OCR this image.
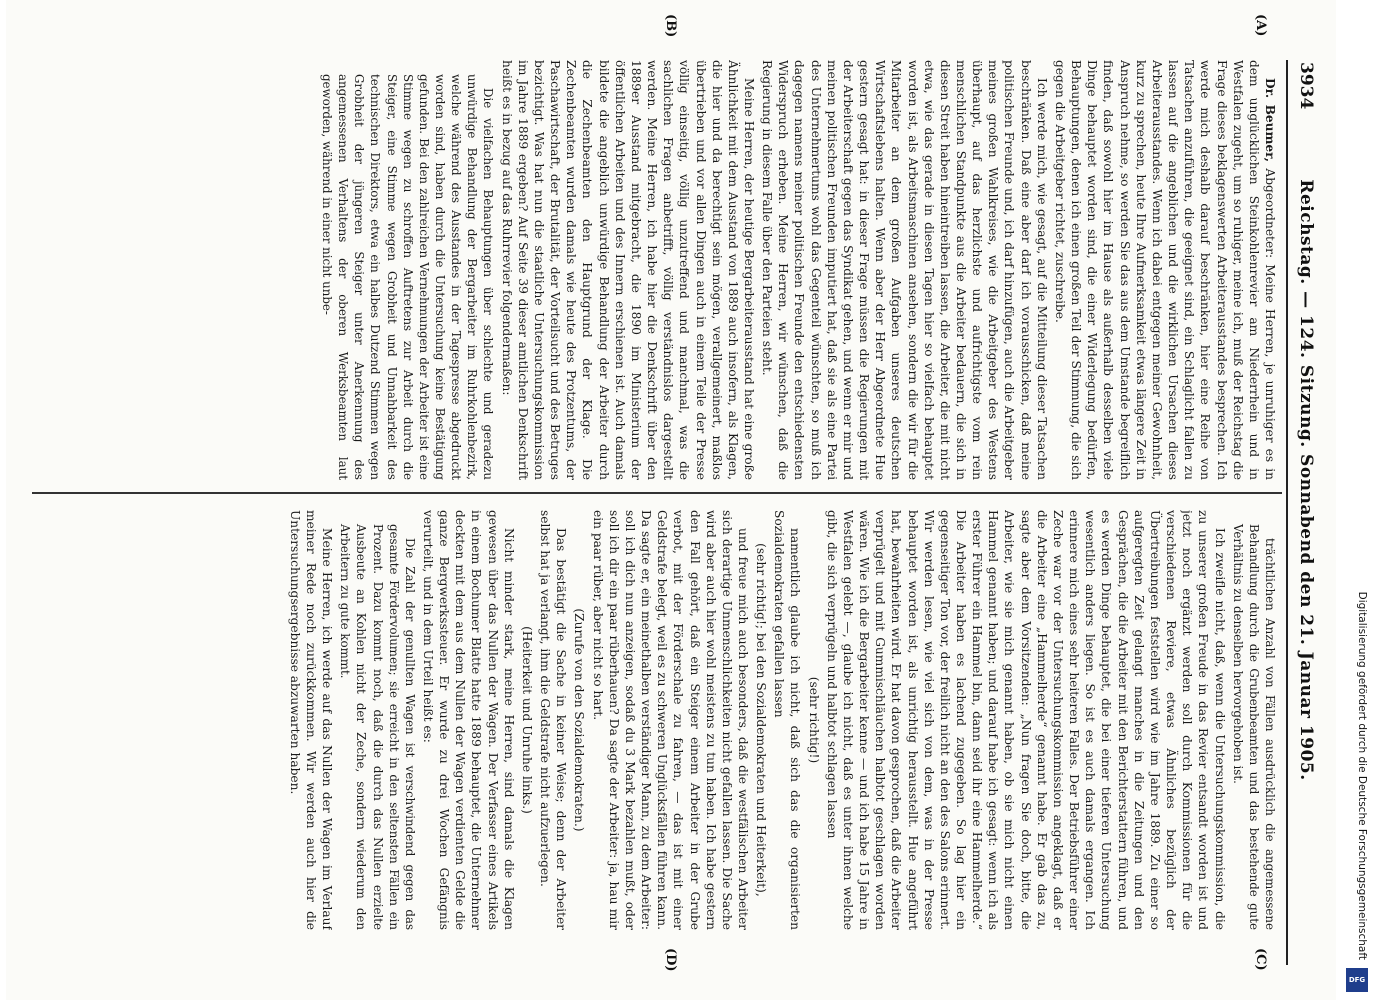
3934
Reichstag. — 124. Sitzung. Sonnabend den 21. Januar 1905.
(A)
(B)
(C)
(D)

Dr. Beumer, Abgeordneter: Meine Herren, je unruhiger es in dem unglücklichen Steinkohlenrevier am Niederrhein und in Westfalen zugeht, um so ruhiger, meine ich, muß der Reichstag die Frage dieses beklagenswerten Arbeiterausstandes besprechen. Ich werde mich deshalb darauf beschränken, hier eine Reihe von Tatsachen anzuführen, die geeignet sind, ein Schlaglicht fallen zu lassen auf die angeblichen und die wirklichen Ursachen dieses Arbeiterausstandes. Wenn ich dabei entgegen meiner Gewohnheit, kurz zu sprechen, heute Ihre Aufmerksamkeit etwas längere Zeit in Anspruch nehme, so werden Sie das aus dem Umstande begreiflich finden, daß sowohl hier im Hause als außerhalb desselben viele Dinge behauptet worden sind, die einer Widerlegung bedürfen, Behauptungen, denen ich einen großen Teil der Stimmung, die sich gegen die Arbeitgeber richtet, zuschreibe.

Ich werde mich, wie gesagt, auf die Mitteilung dieser Tatsachen beschränken. Daß eine aber darf ich vorausschicken, daß meine politischen Freunde und, ich darf hinzufügen, auch die Arbeitgeber meines großen Wahlkreises, wie die Arbeitgeber des Westens überhaupt, auf das herzlichste und aufrichtigste vom rein menschlichen Standpunkte aus die Arbeiter bedauern, die sich in diesen Streit haben hineintreiben lassen, die Arbeiter, die mit nicht etwa, wie das gerade in diesen Tagen hier so vielfach behauptet worden ist, als Arbeitsmaschinen ansehen, sondern die wir für die Mitarbeiter an dem großen Aufgaben unseres deutschen Wirtschaftslebens halten. Wenn aber der Herr Abgeordnete Hue gestern gesagt hat: in dieser Frage müssen die Regierungen mit der Arbeiterschaft gegen das Syndikat gehen, und wenn er mir und meinen politischen Freunden imputiert hat, daß sie als eine Partei des Unternehmertums wohl das Gegenteil wünschten, so muß ich dagegen namens meiner politischen Freunde den entschiedensten Widerspruch erheben. Meine Herren, wir wünschen, daß die Regierung in diesem Falle über den Parteien steht.

Meine Herren, der heutige Bergarbeiterausstand hat eine große Ähnlichkeit mit dem Ausstand von 1889 auch insofern, als Klagen, die hier und da berechtigt sein mögen, verallgemeinert, maßlos übertrieben und vor allen Dingen auch in einem Teile der Presse völlig einseitig, völlig unzutreffend und manchmal, was die sachlichen Fragen anbetrifft, völlig verständnislos dargestellt werden. Meine Herren, ich habe hier die Denkschrift über den 1889er Ausstand mitgebracht, die 1890 im Ministerium der öffentlichen Arbeiten und des Innern erschienen ist. Auch damals bildete die angeblich unwürdige Behandlung der Arbeiter durch die Zechenbeamten den Hauptgrund der Klage. Die Zechenbeamten wurden damals wie heute des Protzentums, der Paschawirtschaft, der Brutalität, der Vorteilsucht und des Betruges bezichtigt. Was hat nun die staatliche Untersuchungskommission im Jahre 1889 ergeben? Auf Seite 39 dieser amtlichen Denkschrift heißt es in bezug auf das Ruhrrevier folgendermaßen:

Die vielfachen Behauptungen über schlechte und geradezu unwürdige Behandlung der Bergarbeiter im Ruhrkohlenbezirk, welche während des Ausstandes in der Tagespresse abgedruckt worden sind, haben durch die Untersuchung keine Bestätigung gefunden. Bei den zahlreichen Vernehmungen der Arbeiter ist eine Stimme wegen zu schroffen Auftretens zur Arbeit durch die Steiger, eine Stimme wegen Grobheit und Unnahbarkeit des technischen Direktors, etwa ein halbes Dutzend Stimmen wegen Grobheit der jüngeren Steiger unter Anerkennung des angemessenen Verhaltens der oberen Werksbeamten laut geworden, während in einer nicht unbe-

trächtlichen Anzahl von Fällen ausdrücklich die angemessene Behandlung durch die Grubenbeamten und das bestehende gute Verhältnis zu denselben hervorgehoben ist.

Ich zweifle nicht, daß, wenn die Untersuchungskommission, die zu unserer großen Freude in das Revier entsandt worden ist und jetzt noch ergänzt werden soll durch Kommissionen für die verschiedenen Reviere, etwas Ähnliches bezüglich der Übertreibungen feststellen wird wie im Jahre 1889. Zu einer so aufgeregten Zeit gelangt manches in die Zeitungen und den Gesprächen, die die Arbeiter mit den Berichterstattern führen, und es werden Dinge behauptet, die bei einer tieferen Untersuchung wesentlich anders liegen. So ist es auch damals ergangen. Ich erinnere mich eines sehr heiteren Falles. Der Betriebsführer einer Zeche war vor der Untersuchungskommission angeklagt, daß er die Arbeiter eine „Hammelherde“ genannt habe. Er gab das zu, sagte aber dem Vorsitzenden: „Nun fragen Sie doch, bitte, die Arbeiter, wie sie mich genannt haben, ob sie mich nicht einen Hammel genannt haben; und darauf habe ich gesagt: wenn ich als erster Führer ein Hammel bin, dann seid ihr eine Hammelherde.“ Die Arbeiter haben es lachend zugegeben. So lag hier ein gegenseitiger Ton vor, der freilich nicht an den des Salons erinnert. Wir werden lesen, wie viel sich von dem, was in der Presse behauptet worden ist, als unrichtig herausstellt. Hue angeführt hat, bewahrheiten wird. Er hat davon gesprochen, daß die Arbeiter verprügelt und mit Gummischläuchen halbtot geschlagen worden wären. Wie ich die Bergarbeiter kenne — und ich habe 15 Jahre in Westfalen gelebt —, glaube ich nicht, daß es unter ihnen welche gibt, die sich verprügeln und halbtot schlagen lassen

(sehr richtig!)

namentlich glaube ich nicht, daß sich das die organisierten Sozialdemokraten gefallen lassen

(sehr richtig!; bei den Sozialdemokraten und Heiterkeit),

und freue mich auch besonders, daß die westfälischen Arbeiter sich derartige Unmenschlichkeiten nicht gefallen lassen. Die Sache wird aber auch hier wohl meistens zu tun haben. Ich habe gestern den Fall gehört, daß ein Steiger einem Arbeiter in der Grube verbot, mit der Förderschale zu fahren, — das ist mit einer Geldstrafe belegt, weil es zu schweren Unglücksfällen führen kann. Da sagte er, ein meinethalben verständiger Mann, zu dem Arbeiter: soll ich dich nun anzeigen, sodaß du 3 Mark bezahlen mußt, oder soll ich dir ein paar rüberhauen? Da sagte der Arbeiter: ja, hau mir ein paar rüber, aber nicht so hart.

(Zurufe von den Sozialdemokraten.)

Das bestätigt die Sache in keiner Weise; denn der Arbeiter selbst hat ja verlangt, ihm die Geldstrafe nicht aufzuerlegen.

(Heiterkeit und Unruhe links.)

Nicht minder stark, meine Herren, sind damals die Klagen gewesen über das Nullen der Wagen. Der Verfasser eines Artikels in einem Bochumer Blatte hatte 1889 behauptet, die Unternehmer deckten mit dem aus dem Nullen der Wagen verdienten Gelde die ganze Bergwerkssteuer. Er wurde zu drei Wochen Gefängnis verurteilt, und in dem Urteil heißt es:

Die Zahl der genullten Wagen ist verschwindend gegen das gesamte Fördervolumen; sie erreicht in den seltensten Fällen ein Prozent. Dazu kommt noch, daß die durch das Nullen erzielte Ausbeute an Kohlen nicht der Zeche, sondern wiederum den Arbeitern zu gute kommt.

Meine Herren, ich werde auf das Nullen der Wagen im Verlauf meiner Rede noch zurückkommen. Wir werden auch hier die Untersuchungsergebnisse abzuwarten haben.	Digitalisierung gefördert durch die Deutsche Forschungsgemeinschaft
DFG
